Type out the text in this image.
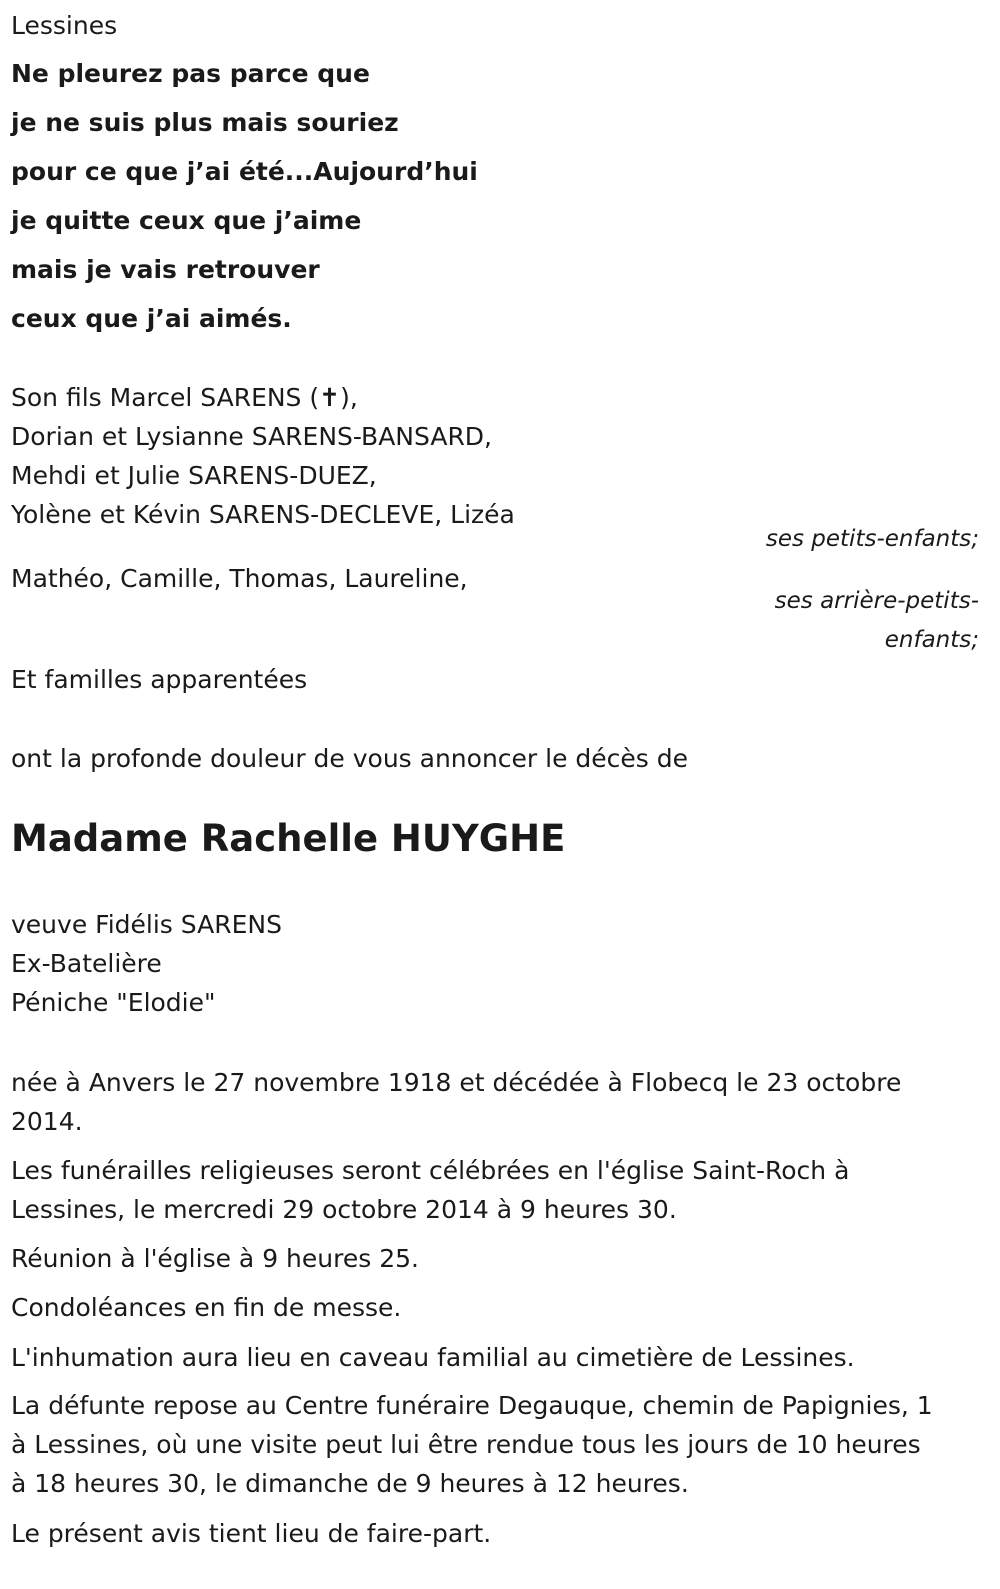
Lessines

Ne pleurez pas parce que
je ne suis plus mais souriez
pour ce que j’ai été...Aujourd’hui
je quitte ceux que j’aime
mais je vais retrouver
ceux que j’ai aimés.

Son fils Marcel SARENS (✝),

Dorian et Lysianne SARENS-BANSARD,

Mehdi et Julie SARENS-DUEZ,

Yolène et Kévin SARENS-DECLEVE, Lizéa

ses petits-enfants;

Mathéo, Camille, Thomas, Laureline,

ses arrière-petits-
enfants;

Et familles apparentées

ont la profonde douleur de vous annoncer le décès de

Madame Rachelle HUYGHE

veuve Fidélis SARENS

Ex-Batelière

Péniche "Elodie"

née à Anvers le 27 novembre 1918 et décédée à Flobecq le 23 octobre

2014.

Les funérailles religieuses seront célébrées en l'église Saint-Roch à

Lessines, le mercredi 29 octobre 2014 à 9 heures 30.

Réunion à l'église à 9 heures 25.

Condoléances en fin de messe.

L'inhumation aura lieu en caveau familial au cimetière de Lessines.

La défunte repose au Centre funéraire Degauque, chemin de Papignies, 1

à Lessines, où une visite peut lui être rendue tous les jours de 10 heures

à 18 heures 30, le dimanche de 9 heures à 12 heures.

Le présent avis tient lieu de faire-part.
